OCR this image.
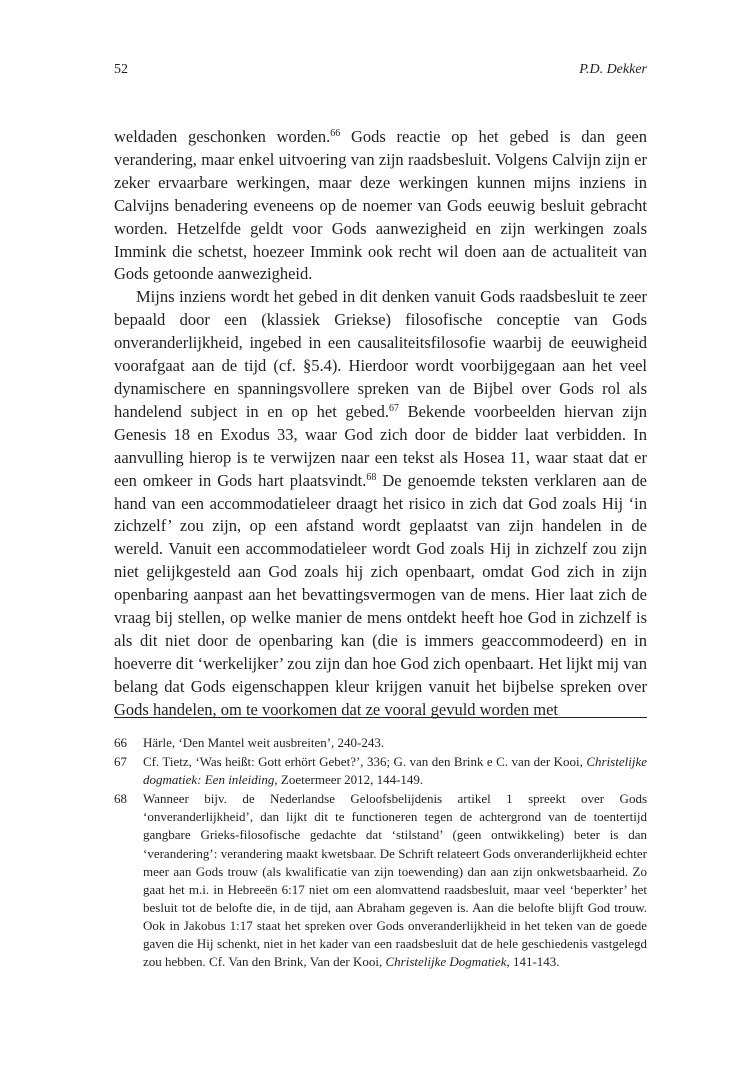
52	P.D. Dekker

weldaden geschonken worden.$^{66}$ Gods reactie op het gebed is dan geen verandering, maar enkel uitvoering van zijn raadsbesluit. Volgens Calvijn zijn er zeker ervaarbare werkingen, maar deze werkingen kunnen mijns inziens in Calvijns benadering eveneens op de noemer van Gods eeuwig besluit gebracht worden. Hetzelfde geldt voor Gods aanwezigheid en zijn werkingen zoals Immink die schetst, hoezeer Immink ook recht wil doen aan de actualiteit van Gods getoonde aanwezigheid.

Mijns inziens wordt het gebed in dit denken vanuit Gods raadsbesluit te zeer bepaald door een (klassiek Griekse) filosofische conceptie van Gods onveranderlijkheid, ingebed in een causaliteitsfilosofie waarbij de eeuwigheid voorafgaat aan de tijd (cf. §5.4). Hierdoor wordt voorbijgegaan aan het veel dynamischere en spanningsvollere spreken van de Bijbel over Gods rol als handelend subject in en op het gebed.$^{67}$ Bekende voorbeelden hiervan zijn Genesis 18 en Exodus 33, waar God zich door de bidder laat verbidden. In aanvulling hierop is te verwijzen naar een tekst als Hosea 11, waar staat dat er een omkeer in Gods hart plaatsvindt.$^{68}$ De genoemde teksten verklaren aan de hand van een accommodatieleer draagt het risico in zich dat God zoals Hij ‘in zichzelf’ zou zijn, op een afstand wordt geplaatst van zijn handelen in de wereld. Vanuit een accommodatieleer wordt God zoals Hij in zichzelf zou zijn niet gelijkgesteld aan God zoals hij zich openbaart, omdat God zich in zijn openbaring aanpast aan het bevattingsvermogen van de mens. Hier laat zich de vraag bij stellen, op welke manier de mens ontdekt heeft hoe God in zichzelf is als dit niet door de openbaring kan (die is immers geaccommodeerd) en in hoeverre dit ‘werkelijker’ zou zijn dan hoe God zich openbaart. Het lijkt mij van belang dat Gods eigenschappen kleur krijgen vanuit het bijbelse spreken over Gods handelen, om te voorkomen dat ze vooral gevuld worden met

66 Härle, ‘Den Mantel weit ausbreiten’, 240-243.

67 Cf. Tietz, ‘Was heißt: Gott erhört Gebet?’, 336; G. van den Brink e C. van der Kooi, Christelijke dogmatiek: Een inleiding, Zoetermeer 2012, 144-149.

68 Wanneer bijv. de Nederlandse Geloofsbelijdenis artikel 1 spreekt over Gods ‘onveranderlijkheid’, dan lijkt dit te functioneren tegen de achtergrond van de toentertijd gangbare Grieks-filosofische gedachte dat ‘stilstand’ (geen ontwikkeling) beter is dan ‘verandering’: verandering maakt kwetsbaar. De Schrift relateert Gods onveranderlijkheid echter meer aan Gods trouw (als kwalificatie van zijn toewending) dan aan zijn onkwetsbaarheid. Zo gaat het m.i. in Hebreeën 6:17 niet om een alomvattend raadsbesluit, maar veel ‘beperkter’ het besluit tot de belofte die, in de tijd, aan Abraham gegeven is. Aan die belofte blijft God trouw. Ook in Jakobus 1:17 staat het spreken over Gods onveranderlijkheid in het teken van de goede gaven die Hij schenkt, niet in het kader van een raadsbesluit dat de hele geschiedenis vastgelegd zou hebben. Cf. Van den Brink, Van der Kooi, Christelijke Dogmatiek, 141-143.
